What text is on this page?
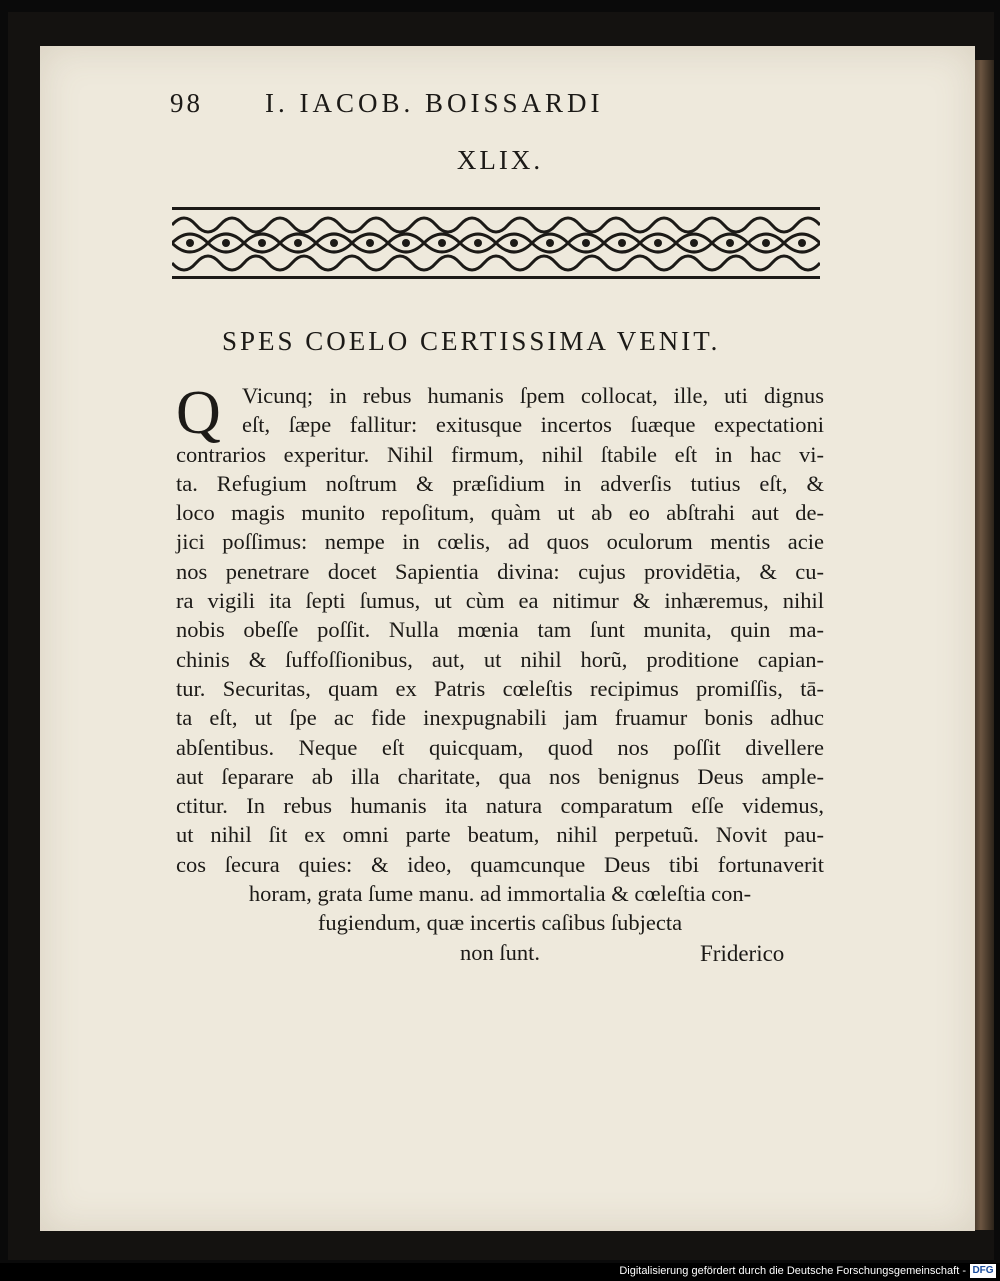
98 I. IACOB. BOISSARDI
XLIX.
SPES COELO CERTISSIMA VENIT.
Q Vicunq; in rebus humanis ſpem collocat, ille, uti dignus
eſt, ſæpe fallitur: exitusque incertos ſuæque expectationi
contrarios experitur. Nihil firmum, nihil ſtabile eſt in hac vi-
ta. Refugium noſtrum & præſidium in adverſis tutius eſt, &
loco magis munito repoſitum, quàm ut ab eo abſtrahi aut de-
jici poſſimus: nempe in cœlis, ad quos oculorum mentis acie
nos penetrare docet Sapientia divina: cujus providētia, & cu-
ra vigili ita ſepti ſumus, ut cùm ea nitimur & inhæremus, nihil
nobis obeſſe poſſit. Nulla mœnia tam ſunt munita, quin ma-
chinis & ſuffoſſionibus, aut, ut nihil horũ, proditione capian-
tur. Securitas, quam ex Patris cœleſtis recipimus promiſſis, tā-
ta eſt, ut ſpe ac fide inexpugnabili jam fruamur bonis adhuc
abſentibus. Neque eſt quicquam, quod nos poſſit divellere
aut ſeparare ab illa charitate, qua nos benignus Deus ample-
ctitur. In rebus humanis ita natura comparatum eſſe videmus,
ut nihil ſit ex omni parte beatum, nihil perpetuũ. Novit pau-
cos ſecura quies: & ideo, quamcunque Deus tibi fortunaverit
horam, grata ſume manu. ad immortalia & cœleſtia con-
fugiendum, quæ incertis caſibus ſubjecta
non ſunt.	Friderico
Digitalisierung gefördert durch die Deutsche Forschungsgemeinschaft - DFG
